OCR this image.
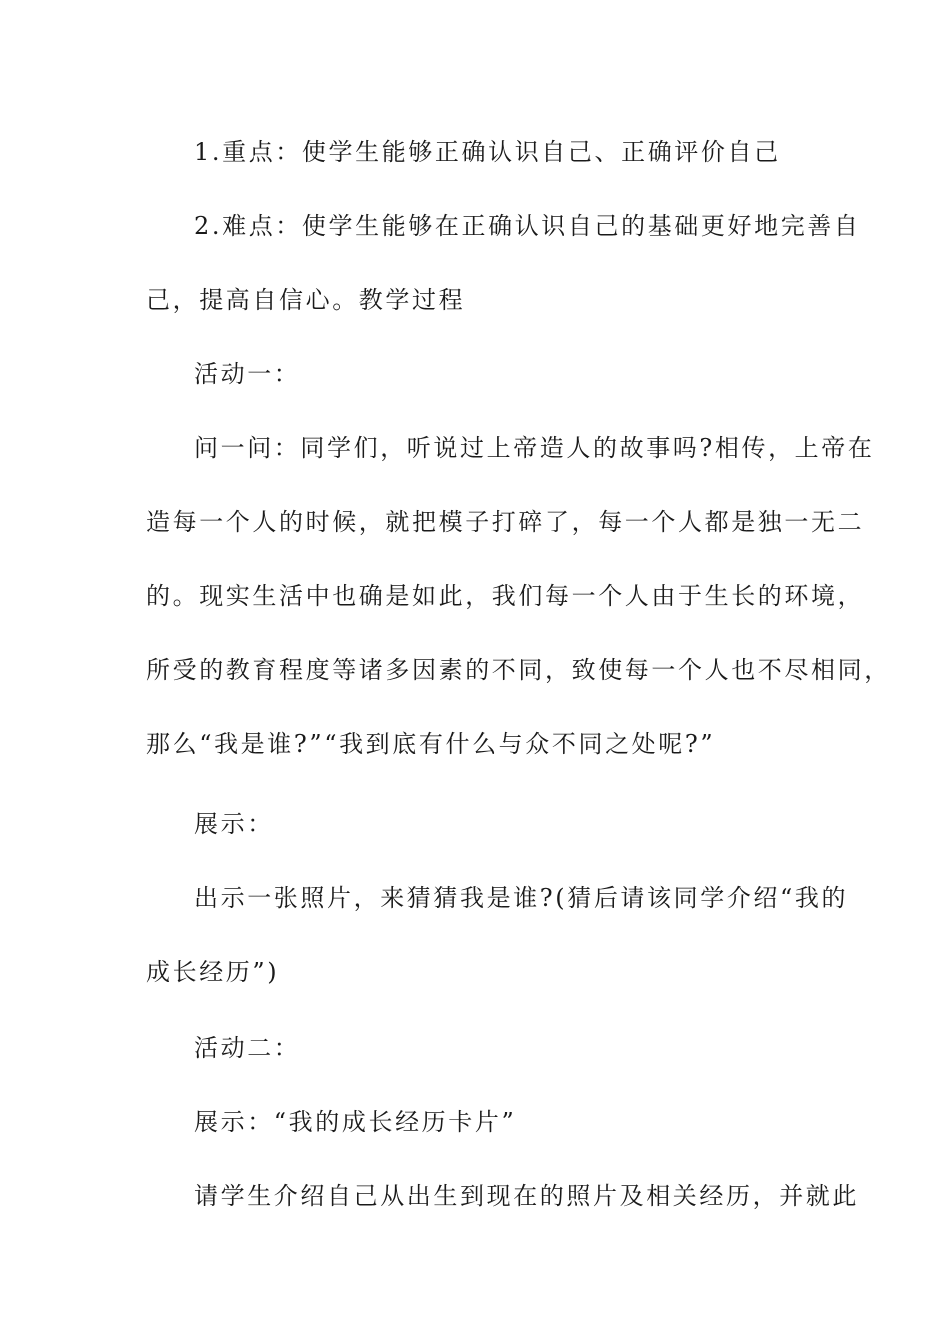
1.重点：使学生能够正确认识自己、正确评价自己
2.难点：使学生能够在正确认识自己的基础更好地完善自
己，提高自信心。教学过程
活动一：
问一问：同学们，听说过上帝造人的故事吗?相传，上帝在
造每一个人的时候，就把模子打碎了，每一个人都是独一无二
的。现实生活中也确是如此，我们每一个人由于生长的环境，
所受的教育程度等诸多因素的不同，致使每一个人也不尽相同，
那么“我是谁?”“我到底有什么与众不同之处呢?”
展示：
出示一张照片，来猜猜我是谁?(猜后请该同学介绍“我的
成长经历”)
活动二：
展示：“我的成长经历卡片”
请学生介绍自己从出生到现在的照片及相关经历，并就此
